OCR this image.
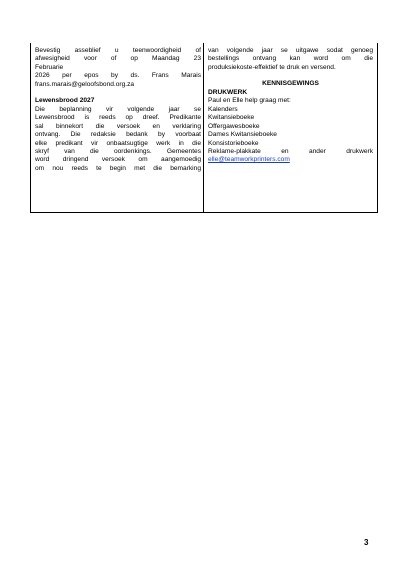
Bevestig asseblief u teenwoordigheid of
afwesigheid voor of op Maandag 23
Februarie
2026 per epos by ds. Frans Marais
frans.marais@geloofsbond.org.za
Lewensbrood 2027
Die beplanning vir volgende jaar se
Lewensbrood is reeds op dreef. Predikante
sal binnekort die versoek en verklaring
ontvang. Die redaksie bedank by voorbaat
elke predikant vir onbaatsugtige werk in die
skryf van die oordenkings. Gemeentes
word dringend versoek om aangemoedig
om nou reeds te begin met die bemarking
van volgende jaar se uitgawe sodat genoeg
bestellings ontvang kan word om die
produksiekoste-effektief te druk en versend.
KENNISGEWINGS
DRUKWERK
Paul en Elle help graag met:
Kalenders
Kwitansieboeke
Offergawesboeke
Dames Kwitansieboeke
Konsistorieboeke
Reklame-plakkate en ander drukwerk
elle@teamworkprinters.com
3
